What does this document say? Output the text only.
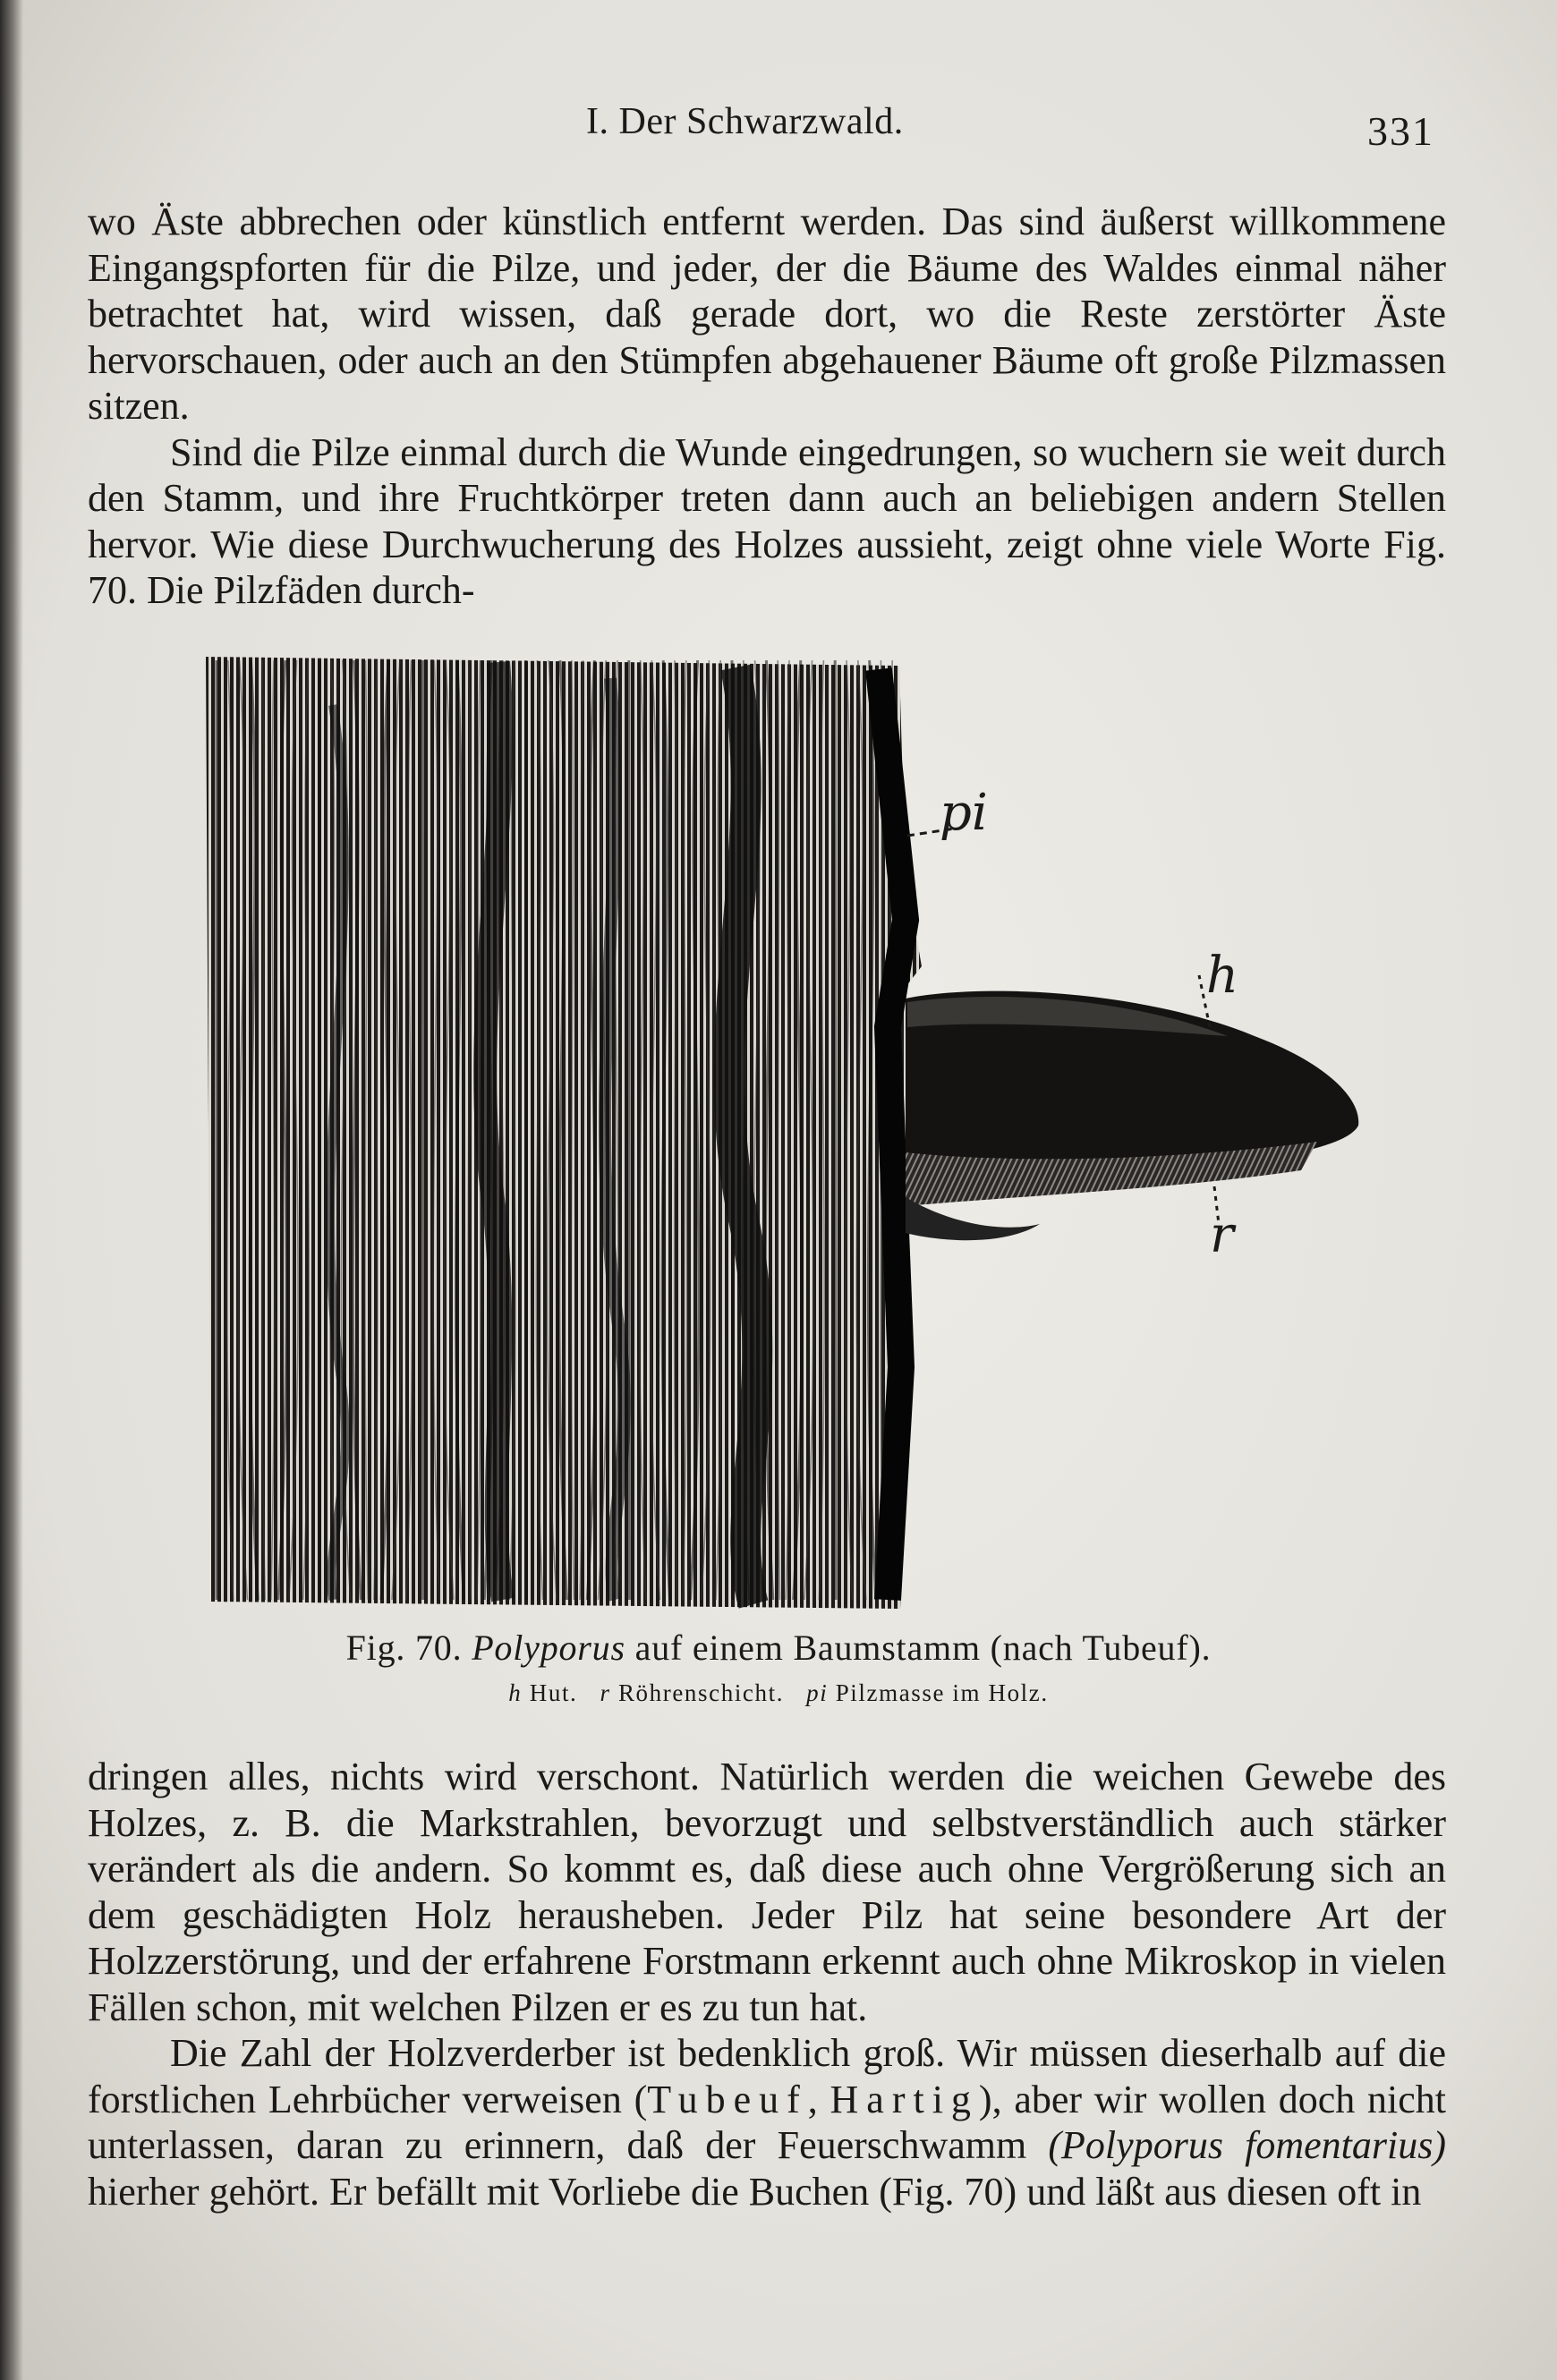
I. Der Schwarzwald.	331

wo Äste abbrechen oder künstlich entfernt werden. Das sind äußerst willkommene Eingangspforten für die Pilze, und jeder, der die Bäume des Waldes einmal näher betrachtet hat, wird wissen, daß gerade dort, wo die Reste zerstörter Äste hervorschauen, oder auch an den Stümpfen abgehauener Bäume oft große Pilzmassen sitzen.

Sind die Pilze einmal durch die Wunde eingedrungen, so wuchern sie weit durch den Stamm, und ihre Fruchtkörper treten dann auch an beliebigen andern Stellen hervor. Wie diese Durchwucherung des Holzes aussieht, zeigt ohne viele Worte Fig. 70. Die Pilzfäden durch-

pi
h
r
Fig. 70. Polyporus auf einem Baumstamm (nach Tubeuf).
h Hut. r Röhrenschicht. pi Pilzmasse im Holz.

dringen alles, nichts wird verschont. Natürlich werden die weichen Gewebe des Holzes, z. B. die Markstrahlen, bevorzugt und selbstverständlich auch stärker verändert als die andern. So kommt es, daß diese auch ohne Vergrößerung sich an dem geschädigten Holz herausheben. Jeder Pilz hat seine besondere Art der Holzzerstörung, und der erfahrene Forstmann erkennt auch ohne Mikroskop in vielen Fällen schon, mit welchen Pilzen er es zu tun hat.

Die Zahl der Holzverderber ist bedenklich groß. Wir müssen dieserhalb auf die forstlichen Lehrbücher verweisen (Tubeuf, Hartig), aber wir wollen doch nicht unterlassen, daran zu erinnern, daß der Feuerschwamm (Polyporus fomentarius) hierher gehört. Er befällt mit Vorliebe die Buchen (Fig. 70) und läßt aus diesen oft in
